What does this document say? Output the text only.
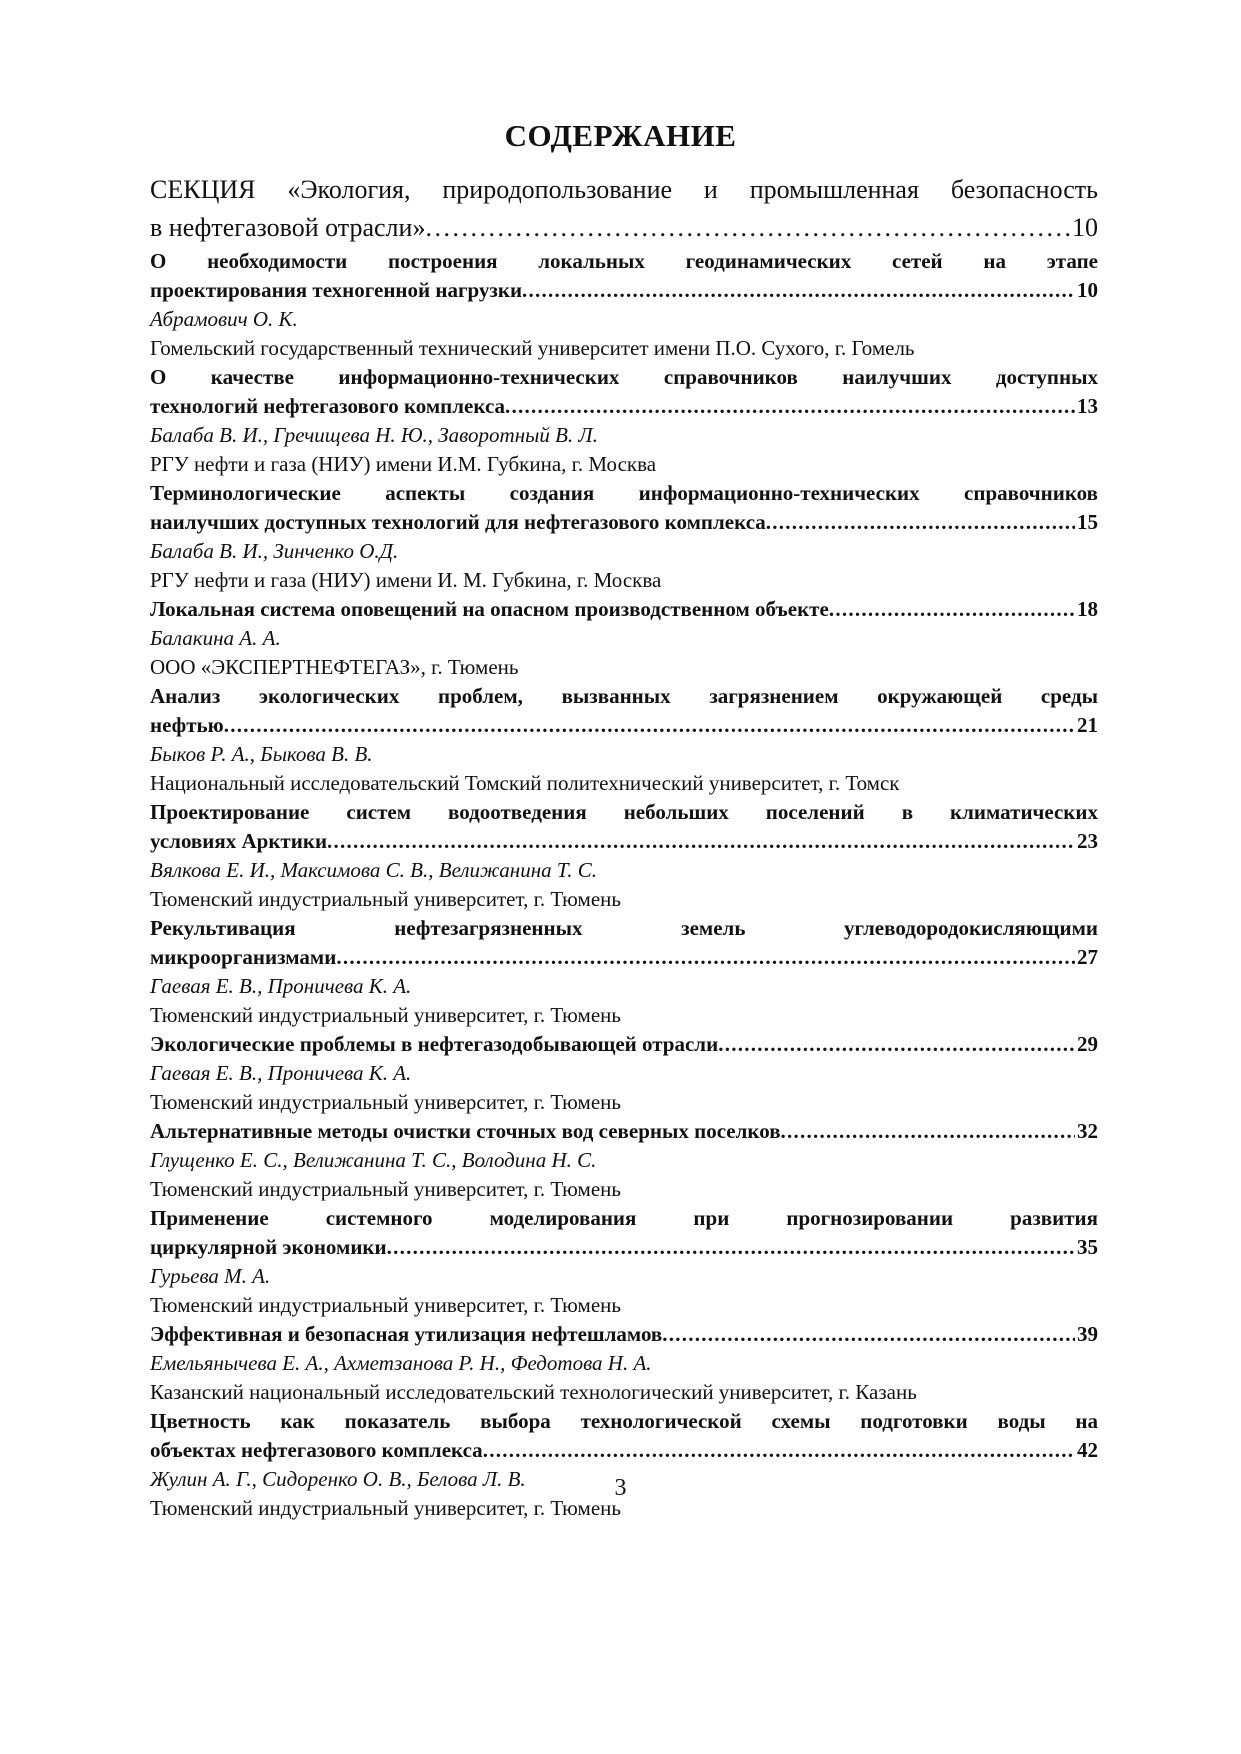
СОДЕРЖАНИЕ
СЕКЦИЯ «Экология, природопользование и промышленная безопасность
в нефтегазовой отрасли» . . .	10
О необходимости построения локальных геодинамических сетей на этапе
проектирования техногенной нагрузки . . .	10
Абрамович О. К.
Гомельский государственный технический университет имени П.О. Сухого, г. Гомель
О качестве информационно-технических справочников наилучших доступных
технологий нефтегазового комплекса . . .	13
Балаба В. И., Гречищева Н. Ю., Заворотный В. Л.
РГУ нефти и газа (НИУ) имени И.М. Губкина, г. Москва
Терминологические аспекты создания информационно-технических справочников
наилучших доступных технологий для нефтегазового комплекса . . .	15
Балаба В. И., Зинченко О.Д.
РГУ нефти и газа (НИУ) имени И. М. Губкина, г. Москва
Локальная система оповещений на опасном производственном объекте . . .	18
Балакина А. А.
ООО «ЭКСПЕРТНЕФТЕГАЗ», г. Тюмень
Анализ экологических проблем, вызванных загрязнением окружающей среды
нефтью . . .	21
Быков Р. А., Быкова В. В.
Национальный исследовательский Томский политехнический университет, г. Томск
Проектирование систем водоотведения небольших поселений в климатических
условиях Арктики . . .	23
Вялкова Е. И., Максимова С. В., Велижанина Т. С.
Тюменский индустриальный университет, г. Тюмень
Рекультивация нефтезагрязненных земель углеводородокисляющими
микроорганизмами . . .	27
Гаевая Е. В., Проничева К. А.
Тюменский индустриальный университет, г. Тюмень
Экологические проблемы в нефтегазодобывающей отрасли . . .	29
Гаевая Е. В., Проничева К. А.
Тюменский индустриальный университет, г. Тюмень
Альтернативные методы очистки сточных вод северных поселков . . .	32
Глущенко Е. С., Велижанина Т. С., Володина Н. С.
Тюменский индустриальный университет, г. Тюмень
Применение системного моделирования при прогнозировании развития
циркулярной экономики . . .	35
Гурьева М. А.
Тюменский индустриальный университет, г. Тюмень
Эффективная и безопасная утилизация нефтешламов . . .	39
Емельянычева Е. А., Ахметзанова Р. Н., Федотова Н. А.
Казанский национальный исследовательский технологический университет, г. Казань
Цветность как показатель выбора технологической схемы подготовки воды на
объектах нефтегазового комплекса . . .	42
Жулин А. Г., Сидоренко О. В., Белова Л. В.
Тюменский индустриальный университет, г. Тюмень
3
